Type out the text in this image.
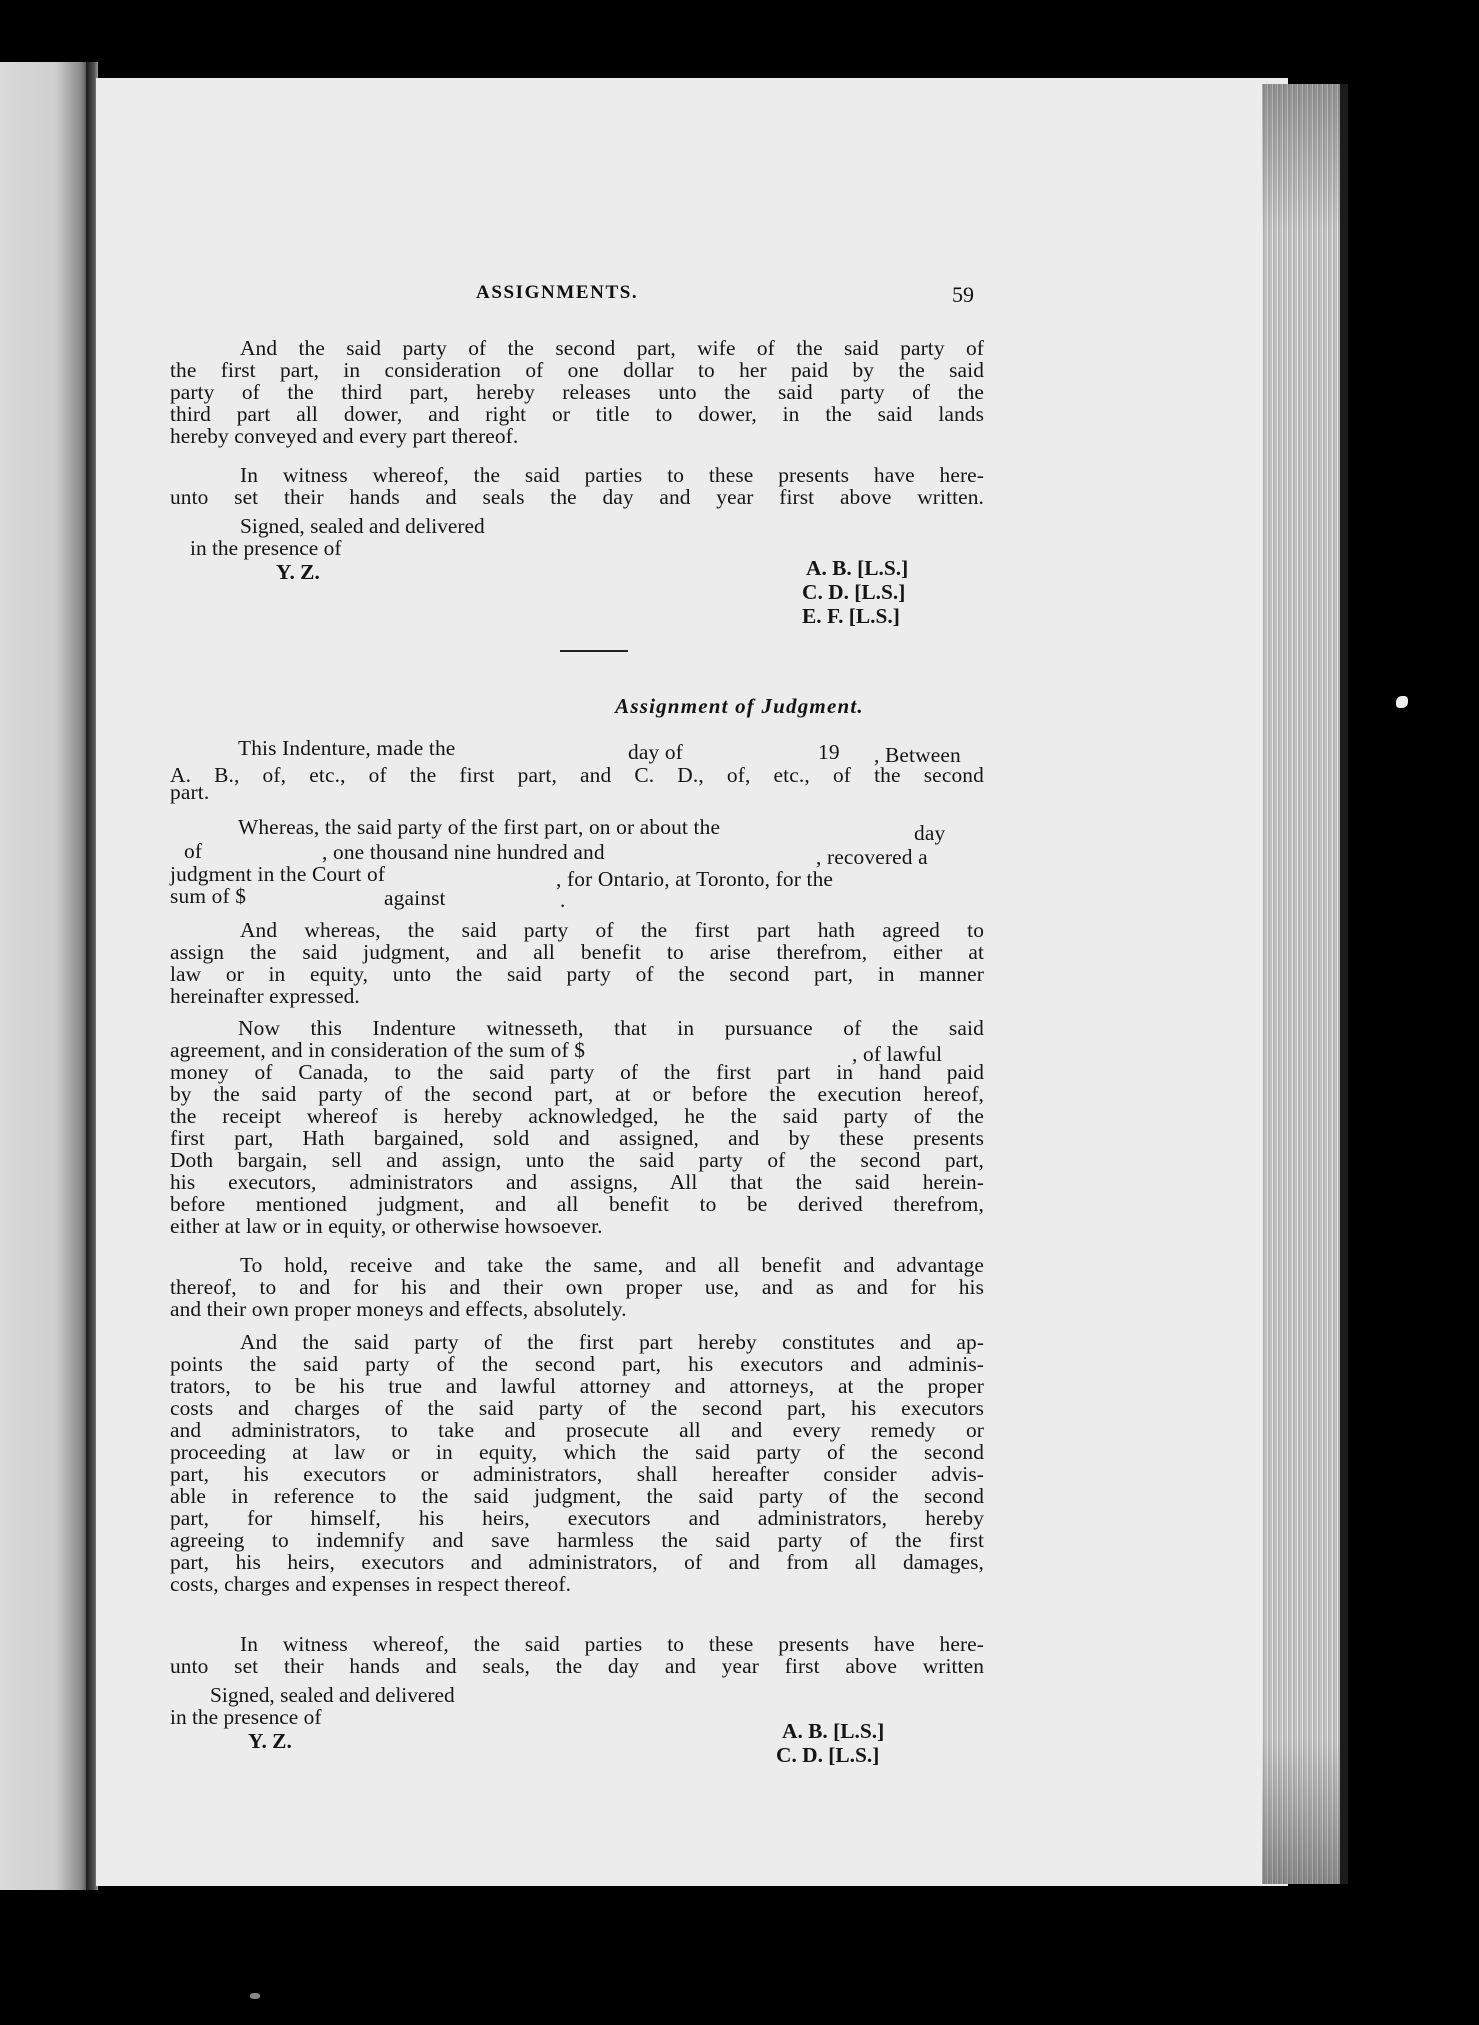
ASSIGNMENTS.	59
And the said party of the second part, wife of the said party of
the first part, in consideration of one dollar to her paid by the said
party of the third part, hereby releases unto the said party of the
third part all dower, and right or title to dower, in the said lands
hereby conveyed and every part thereof.
In witness whereof, the said parties to these presents have here-
unto set their hands and seals the day and year first above written.
Signed, sealed and delivered
in the presence of
Y. Z.	A. B. [L.S.]
C. D. [L.S.]
E. F. [L.S.]
Assignment of Judgment.
This Indenture, made the	day of	19 , Between
A. B., of, etc., of the first part, and C. D., of, etc., of the second
part.
Whereas, the said party of the first part, on or about the	day
of	, one thousand nine hundred and	, recovered a
judgment in the Court of	, for Ontario, at Toronto, for the
sum of $	against	.
And whereas, the said party of the first part hath agreed to
assign the said judgment, and all benefit to arise therefrom, either at
law or in equity, unto the said party of the second part, in manner
hereinafter expressed.
Now this Indenture witnesseth, that in pursuance of the said
agreement, and in consideration of the sum of $	, of lawful
money of Canada, to the said party of the first part in hand paid
by the said party of the second part, at or before the execution hereof,
the receipt whereof is hereby acknowledged, he the said party of the
first part, Hath bargained, sold and assigned, and by these presents
Doth bargain, sell and assign, unto the said party of the second part,
his executors, administrators and assigns, All that the said herein-
before mentioned judgment, and all benefit to be derived therefrom,
either at law or in equity, or otherwise howsoever.
To hold, receive and take the same, and all benefit and advantage
thereof, to and for his and their own proper use, and as and for his
and their own proper moneys and effects, absolutely.
And the said party of the first part hereby constitutes and ap-
points the said party of the second part, his executors and adminis-
trators, to be his true and lawful attorney and attorneys, at the proper
costs and charges of the said party of the second part, his executors
and administrators, to take and prosecute all and every remedy or
proceeding at law or in equity, which the said party of the second
part, his executors or administrators, shall hereafter consider advis-
able in reference to the said judgment, the said party of the second
part, for himself, his heirs, executors and administrators, hereby
agreeing to indemnify and save harmless the said party of the first
part, his heirs, executors and administrators, of and from all damages,
costs, charges and expenses in respect thereof.
In witness whereof, the said parties to these presents have here-
unto set their hands and seals, the day and year first above written
Signed, sealed and delivered
in the presence of
Y. Z.	A. B. [L.S.]
C. D. [L.S.]
